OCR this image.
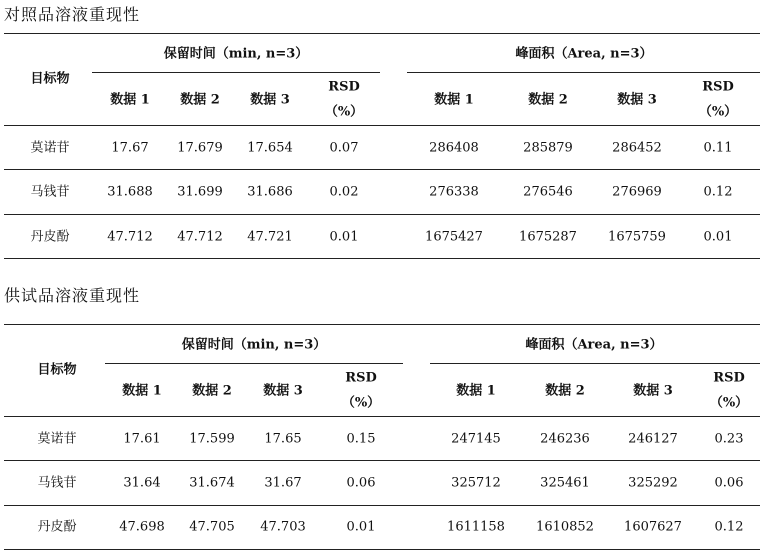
对照品溶液重现性
目标物
保留时间（min, n=3）	峰面积（Area, n=3）
数据 1 数据 2 数据 3
RSD
（%）
数据 1	数据 2	数据 3
RSD
（%）
莫诺苷	17.67 17.679 17.654	0.07	286408	285879	286452	0.11
马钱苷	31.688 31.699 31.686	0.02	276338	276546	276969	0.12
丹皮酚	47.712 47.712 47.721	0.01	1675427	1675287 1675759	0.01
供试品溶液重现性
目标物
保留时间（min, n=3）	峰面积（Area, n=3）
数据 1 数据 2 数据 3
RSD
（%）
数据 1	数据 2	数据 3
RSD
（%）
莫诺苷	17.61 17.599 17.65	0.15	247145	246236	246127	0.23
马钱苷	31.64 31.674 31.67	0.06	325712	325461	325292	0.06
丹皮酚	47.698 47.705 47.703	0.01	1611158 1610852 1607627	0.12
